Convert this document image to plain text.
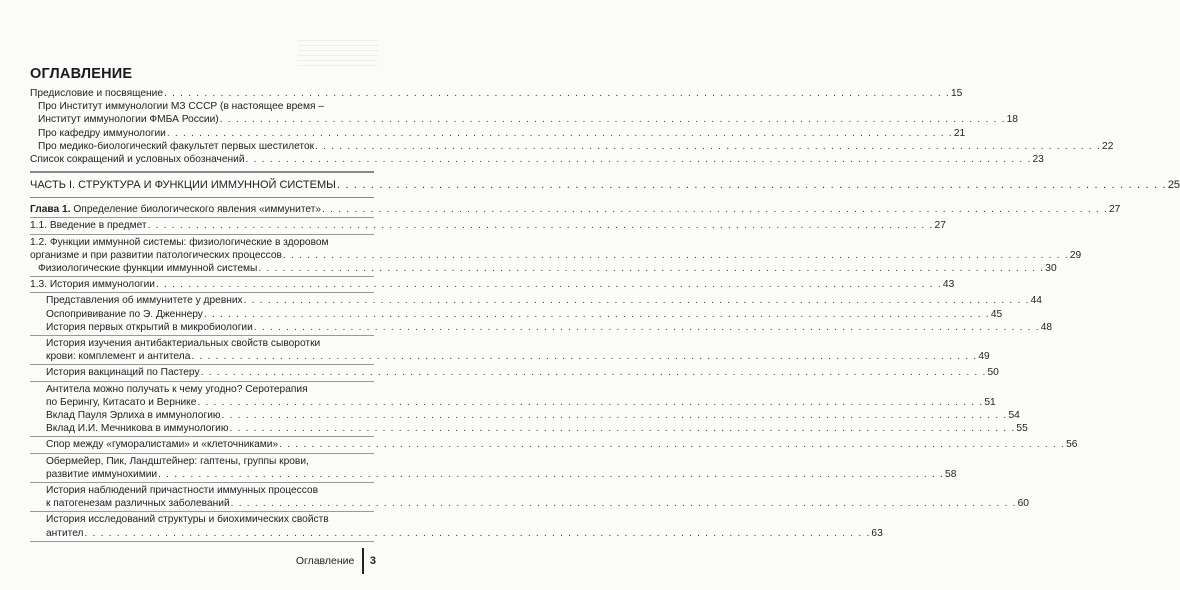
ОГЛАВЛЕНИЕ
Предисловие и посвящение . . .	15
Про Институт иммунологии МЗ СССР (в настоящее время –
Институт иммунологии ФМБА России) . . .	18
Про кафедру иммунологии . . .	21
Про медико-биологический факультет первых шестилеток . . .	22
Список сокращений и условных обозначений . . .	23
ЧАСТЬ I. СТРУКТУРА И ФУНКЦИИ ИММУННОЙ СИСТЕМЫ . . .	25
Глава 1. Определение биологического явления «иммунитет» . . .	27
1.1. Введение в предмет . . .	27
1.2. Функции иммунной системы: физиологические в здоровом
организме и при развитии патологических процессов . . .	29
Физиологические функции иммунной системы . . .	30
1.3. История иммунологии . . .	43
Представления об иммунитете у древних . . .	44
Оспопрививание по Э. Дженнеру . . .	45
История первых открытий в микробиологии . . .	48
История изучения антибактериальных свойств сыворотки
крови: комплемент и антитела . . .	49
История вакцинаций по Пастеру . . .	50
Антитела можно получать к чему угодно? Серотерапия
по Берингу, Китасато и Вернике . . .	51
Вклад Пауля Эрлиха в иммунологию . . .	54
Вклад И.И. Мечникова в иммунологию . . .	55
Спор между «гуморалистами» и «клеточниками» . . .	56
Обермейер, Пик, Ландштейнер: гаптены, группы крови,
развитие иммунохимии . . .	58
История наблюдений причастности иммунных процессов
к патогенезам различных заболеваний . . .	60
История исследований структуры и биохимических свойств
антител . . .	63
Оглавление 3
